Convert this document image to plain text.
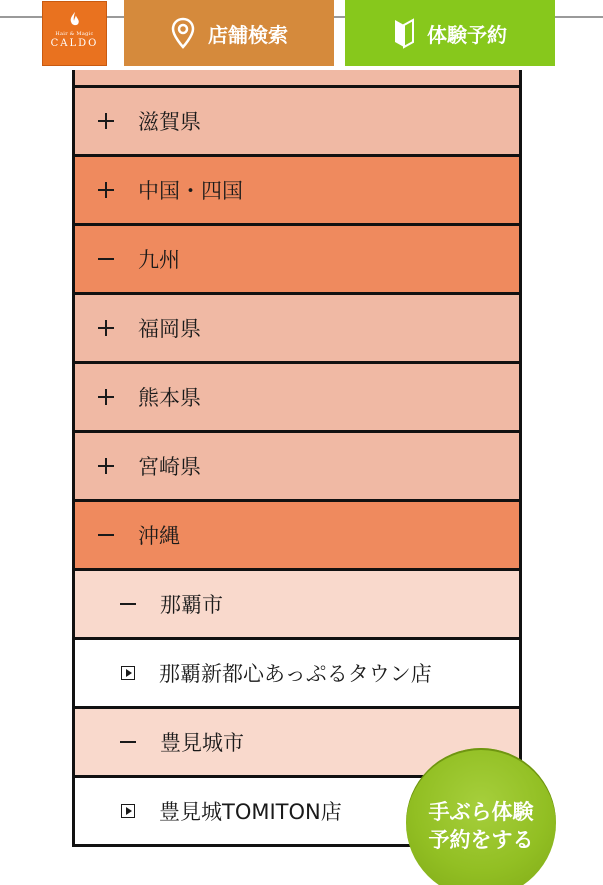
Hair & Magic
CALDO	店舗検索	体験予約
滋賀県
中国・四国
九州
福岡県
熊本県
宮崎県
沖縄
那覇市
那覇新都心あっぷるタウン店
豊見城市
豊見城TOMITON店	手ぶら体験
予約をする
